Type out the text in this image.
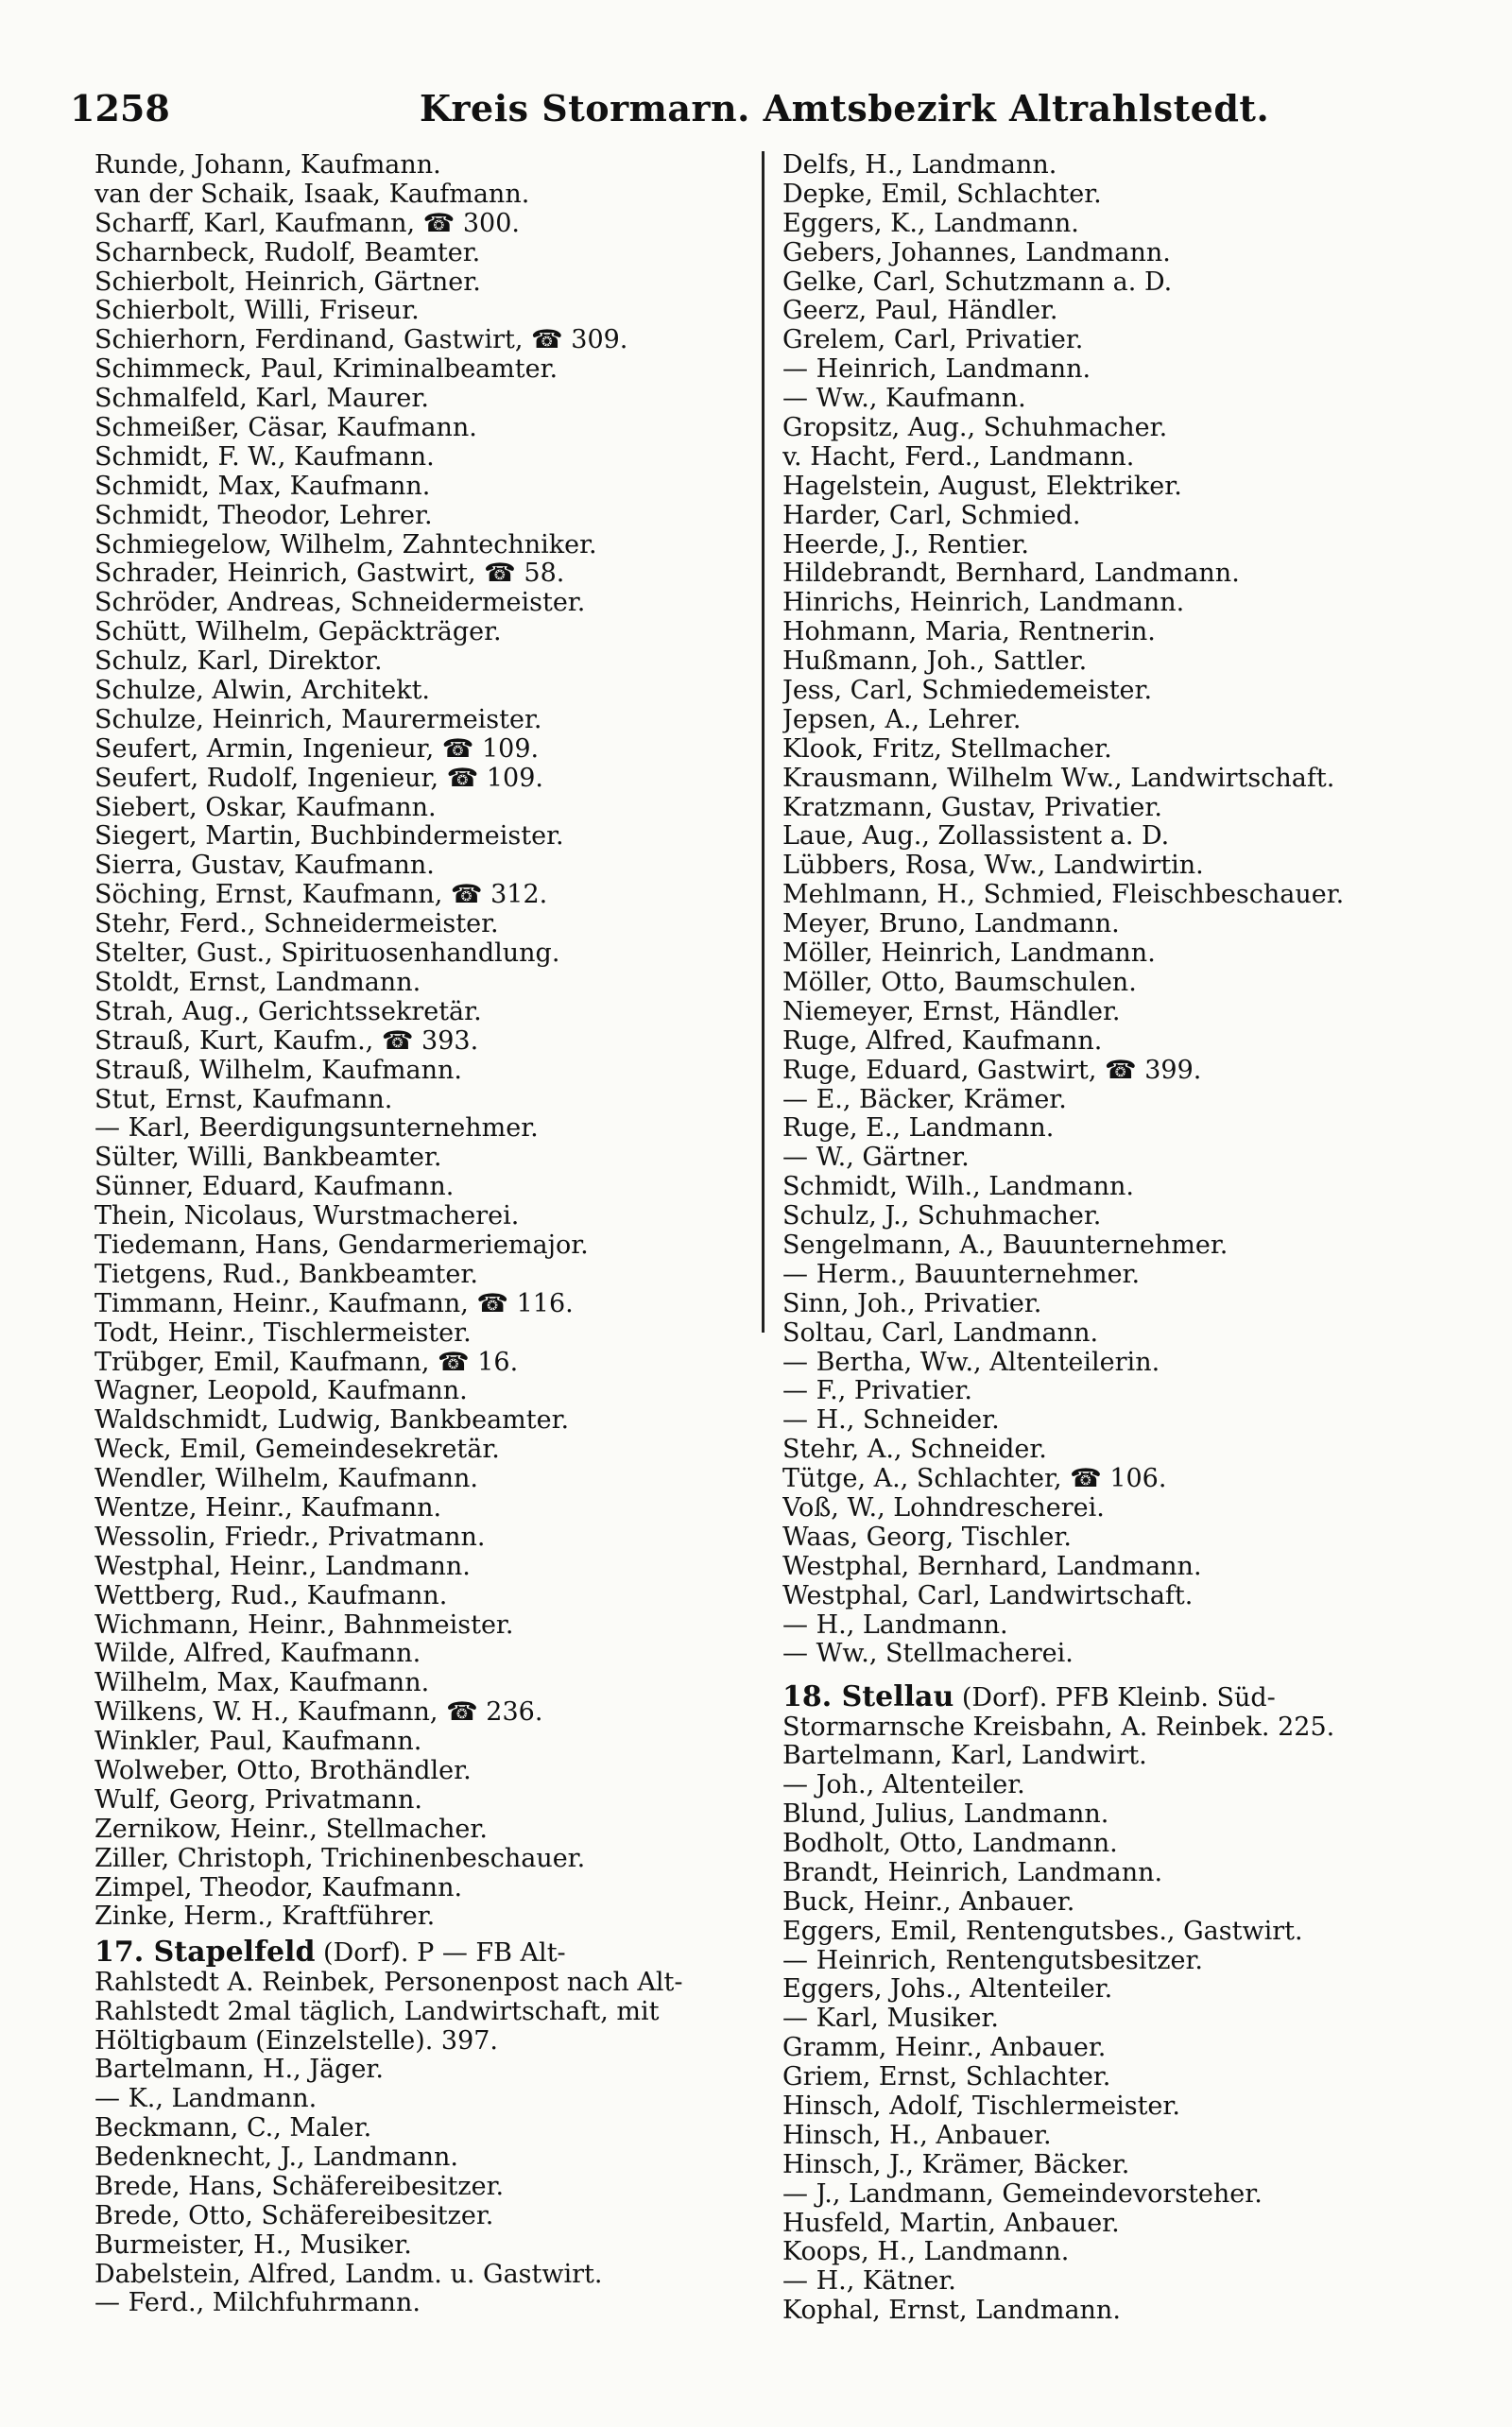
1258	Kreis Stormarn. Amtsbezirk Altrahlstedt.
Runde, Johann, Kaufmann.
van der Schaik, Isaak, Kaufmann.
Scharff, Karl, Kaufmann, ☎ 300.
Scharnbeck, Rudolf, Beamter.
Schierbolt, Heinrich, Gärtner.
Schierbolt, Willi, Friseur.
Schierhorn, Ferdinand, Gastwirt, ☎ 309.
Schimmeck, Paul, Kriminalbeamter.
Schmalfeld, Karl, Maurer.
Schmeißer, Cäsar, Kaufmann.
Schmidt, F. W., Kaufmann.
Schmidt, Max, Kaufmann.
Schmidt, Theodor, Lehrer.
Schmiegelow, Wilhelm, Zahntechniker.
Schrader, Heinrich, Gastwirt, ☎ 58.
Schröder, Andreas, Schneidermeister.
Schütt, Wilhelm, Gepäckträger.
Schulz, Karl, Direktor.
Schulze, Alwin, Architekt.
Schulze, Heinrich, Maurermeister.
Seufert, Armin, Ingenieur, ☎ 109.
Seufert, Rudolf, Ingenieur, ☎ 109.
Siebert, Oskar, Kaufmann.
Siegert, Martin, Buchbindermeister.
Sierra, Gustav, Kaufmann.
Söching, Ernst, Kaufmann, ☎ 312.
Stehr, Ferd., Schneidermeister.
Stelter, Gust., Spirituosenhandlung.
Stoldt, Ernst, Landmann.
Strah, Aug., Gerichtssekretär.
Strauß, Kurt, Kaufm., ☎ 393.
Strauß, Wilhelm, Kaufmann.
Stut, Ernst, Kaufmann.
— Karl, Beerdigungsunternehmer.
Sülter, Willi, Bankbeamter.
Sünner, Eduard, Kaufmann.
Thein, Nicolaus, Wurstmacherei.
Tiedemann, Hans, Gendarmeriemajor.
Tietgens, Rud., Bankbeamter.
Timmann, Heinr., Kaufmann, ☎ 116.
Todt, Heinr., Tischlermeister.
Trübger, Emil, Kaufmann, ☎ 16.
Wagner, Leopold, Kaufmann.
Waldschmidt, Ludwig, Bankbeamter.
Weck, Emil, Gemeindesekretär.
Wendler, Wilhelm, Kaufmann.
Wentze, Heinr., Kaufmann.
Wessolin, Friedr., Privatmann.
Westphal, Heinr., Landmann.
Wettberg, Rud., Kaufmann.
Wichmann, Heinr., Bahnmeister.
Wilde, Alfred, Kaufmann.
Wilhelm, Max, Kaufmann.
Wilkens, W. H., Kaufmann, ☎ 236.
Winkler, Paul, Kaufmann.
Wolweber, Otto, Brothändler.
Wulf, Georg, Privatmann.
Zernikow, Heinr., Stellmacher.
Ziller, Christoph, Trichinenbeschauer.
Zimpel, Theodor, Kaufmann.
Zinke, Herm., Kraftführer.
17. Stapelfeld (Dorf). P — FB Alt-
Rahlstedt A. Reinbek, Personenpost nach Alt-
Rahlstedt 2mal täglich, Landwirtschaft, mit
Höltigbaum (Einzelstelle). 397.
Bartelmann, H., Jäger.
— K., Landmann.
Beckmann, C., Maler.
Bedenknecht, J., Landmann.
Brede, Hans, Schäfereibesitzer.
Brede, Otto, Schäfereibesitzer.
Burmeister, H., Musiker.
Dabelstein, Alfred, Landm. u. Gastwirt.
— Ferd., Milchfuhrmann.
Delfs, H., Landmann.
Depke, Emil, Schlachter.
Eggers, K., Landmann.
Gebers, Johannes, Landmann.
Gelke, Carl, Schutzmann a. D.
Geerz, Paul, Händler.
Grelem, Carl, Privatier.
— Heinrich, Landmann.
— Ww., Kaufmann.
Gropsitz, Aug., Schuhmacher.
v. Hacht, Ferd., Landmann.
Hagelstein, August, Elektriker.
Harder, Carl, Schmied.
Heerde, J., Rentier.
Hildebrandt, Bernhard, Landmann.
Hinrichs, Heinrich, Landmann.
Hohmann, Maria, Rentnerin.
Hußmann, Joh., Sattler.
Jess, Carl, Schmiedemeister.
Jepsen, A., Lehrer.
Klook, Fritz, Stellmacher.
Krausmann, Wilhelm Ww., Landwirtschaft.
Kratzmann, Gustav, Privatier.
Laue, Aug., Zollassistent a. D.
Lübbers, Rosa, Ww., Landwirtin.
Mehlmann, H., Schmied, Fleischbeschauer.
Meyer, Bruno, Landmann.
Möller, Heinrich, Landmann.
Möller, Otto, Baumschulen.
Niemeyer, Ernst, Händler.
Ruge, Alfred, Kaufmann.
Ruge, Eduard, Gastwirt, ☎ 399.
— E., Bäcker, Krämer.
Ruge, E., Landmann.
— W., Gärtner.
Schmidt, Wilh., Landmann.
Schulz, J., Schuhmacher.
Sengelmann, A., Bauunternehmer.
— Herm., Bauunternehmer.
Sinn, Joh., Privatier.
Soltau, Carl, Landmann.
— Bertha, Ww., Altenteilerin.
— F., Privatier.
— H., Schneider.
Stehr, A., Schneider.
Tütge, A., Schlachter, ☎ 106.
Voß, W., Lohndrescherei.
Waas, Georg, Tischler.
Westphal, Bernhard, Landmann.
Westphal, Carl, Landwirtschaft.
— H., Landmann.
— Ww., Stellmacherei.
18. Stellau (Dorf). PFB Kleinb. Süd-
Stormarnsche Kreisbahn, A. Reinbek. 225.
Bartelmann, Karl, Landwirt.
— Joh., Altenteiler.
Blund, Julius, Landmann.
Bodholt, Otto, Landmann.
Brandt, Heinrich, Landmann.
Buck, Heinr., Anbauer.
Eggers, Emil, Rentengutsbes., Gastwirt.
— Heinrich, Rentengutsbesitzer.
Eggers, Johs., Altenteiler.
— Karl, Musiker.
Gramm, Heinr., Anbauer.
Griem, Ernst, Schlachter.
Hinsch, Adolf, Tischlermeister.
Hinsch, H., Anbauer.
Hinsch, J., Krämer, Bäcker.
— J., Landmann, Gemeindevorsteher.
Husfeld, Martin, Anbauer.
Koops, H., Landmann.
— H., Kätner.
Kophal, Ernst, Landmann.
